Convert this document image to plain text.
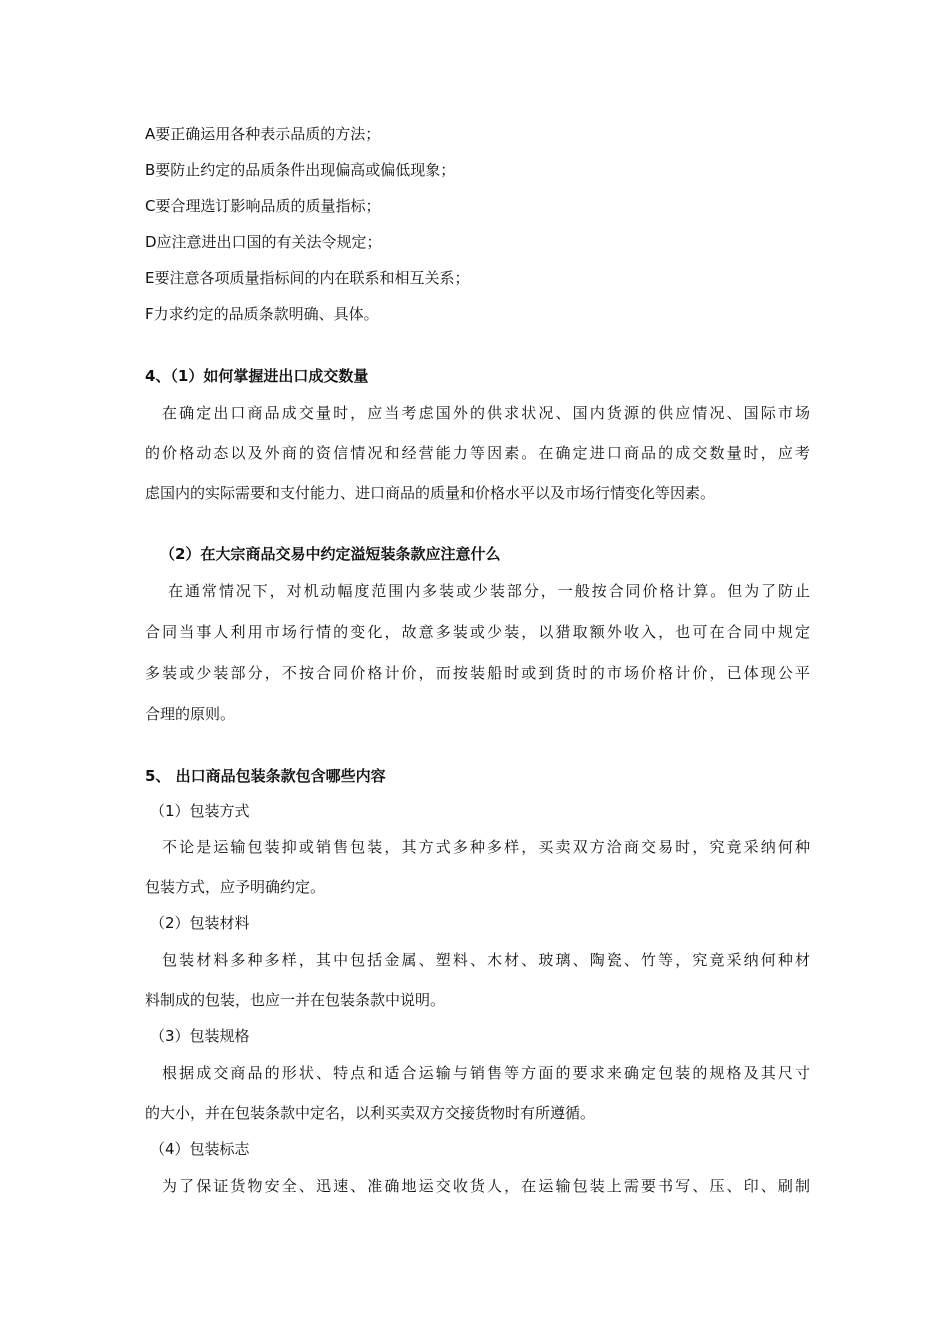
A要正确运用各种表示品质的方法；
B要防止约定的品质条件出现偏高或偏低现象；
C要合理选订影响品质的质量指标；
D应注意进出口国的有关法令规定；
E要注意各项质量指标间的内在联系和相互关系；
F力求约定的品质条款明确、具体。
4、（1）如何掌握进出口成交数量
在确定出口商品成交量时，应当考虑国外的供求状况、国内货源的供应情况、国际市场
的价格动态以及外商的资信情况和经营能力等因素。在确定进口商品的成交数量时，应考
虑国内的实际需要和支付能力、进口商品的质量和价格水平以及市场行情变化等因素。
（2）在大宗商品交易中约定溢短装条款应注意什么
在通常情况下，对机动幅度范围内多装或少装部分，一般按合同价格计算。但为了防止
合同当事人利用市场行情的变化，故意多装或少装，以猎取额外收入，也可在合同中规定
多装或少装部分，不按合同价格计价，而按装船时或到货时的市场价格计价，已体现公平
合理的原则。
5、 出口商品包装条款包含哪些内容
（1）包装方式
不论是运输包装抑或销售包装，其方式多种多样，买卖双方洽商交易时，究竟采纳何种
包装方式，应予明确约定。
（2）包装材料
包装材料多种多样，其中包括金属、塑料、木材、玻璃、陶瓷、竹等，究竟采纳何种材
料制成的包装，也应一并在包装条款中说明。
（3）包装规格
根据成交商品的形状、特点和适合运输与销售等方面的要求来确定包装的规格及其尺寸
的大小，并在包装条款中定名，以利买卖双方交接货物时有所遵循。
（4）包装标志
为了保证货物安全、迅速、准确地运交收货人，在运输包装上需要书写、压、印、刷制
